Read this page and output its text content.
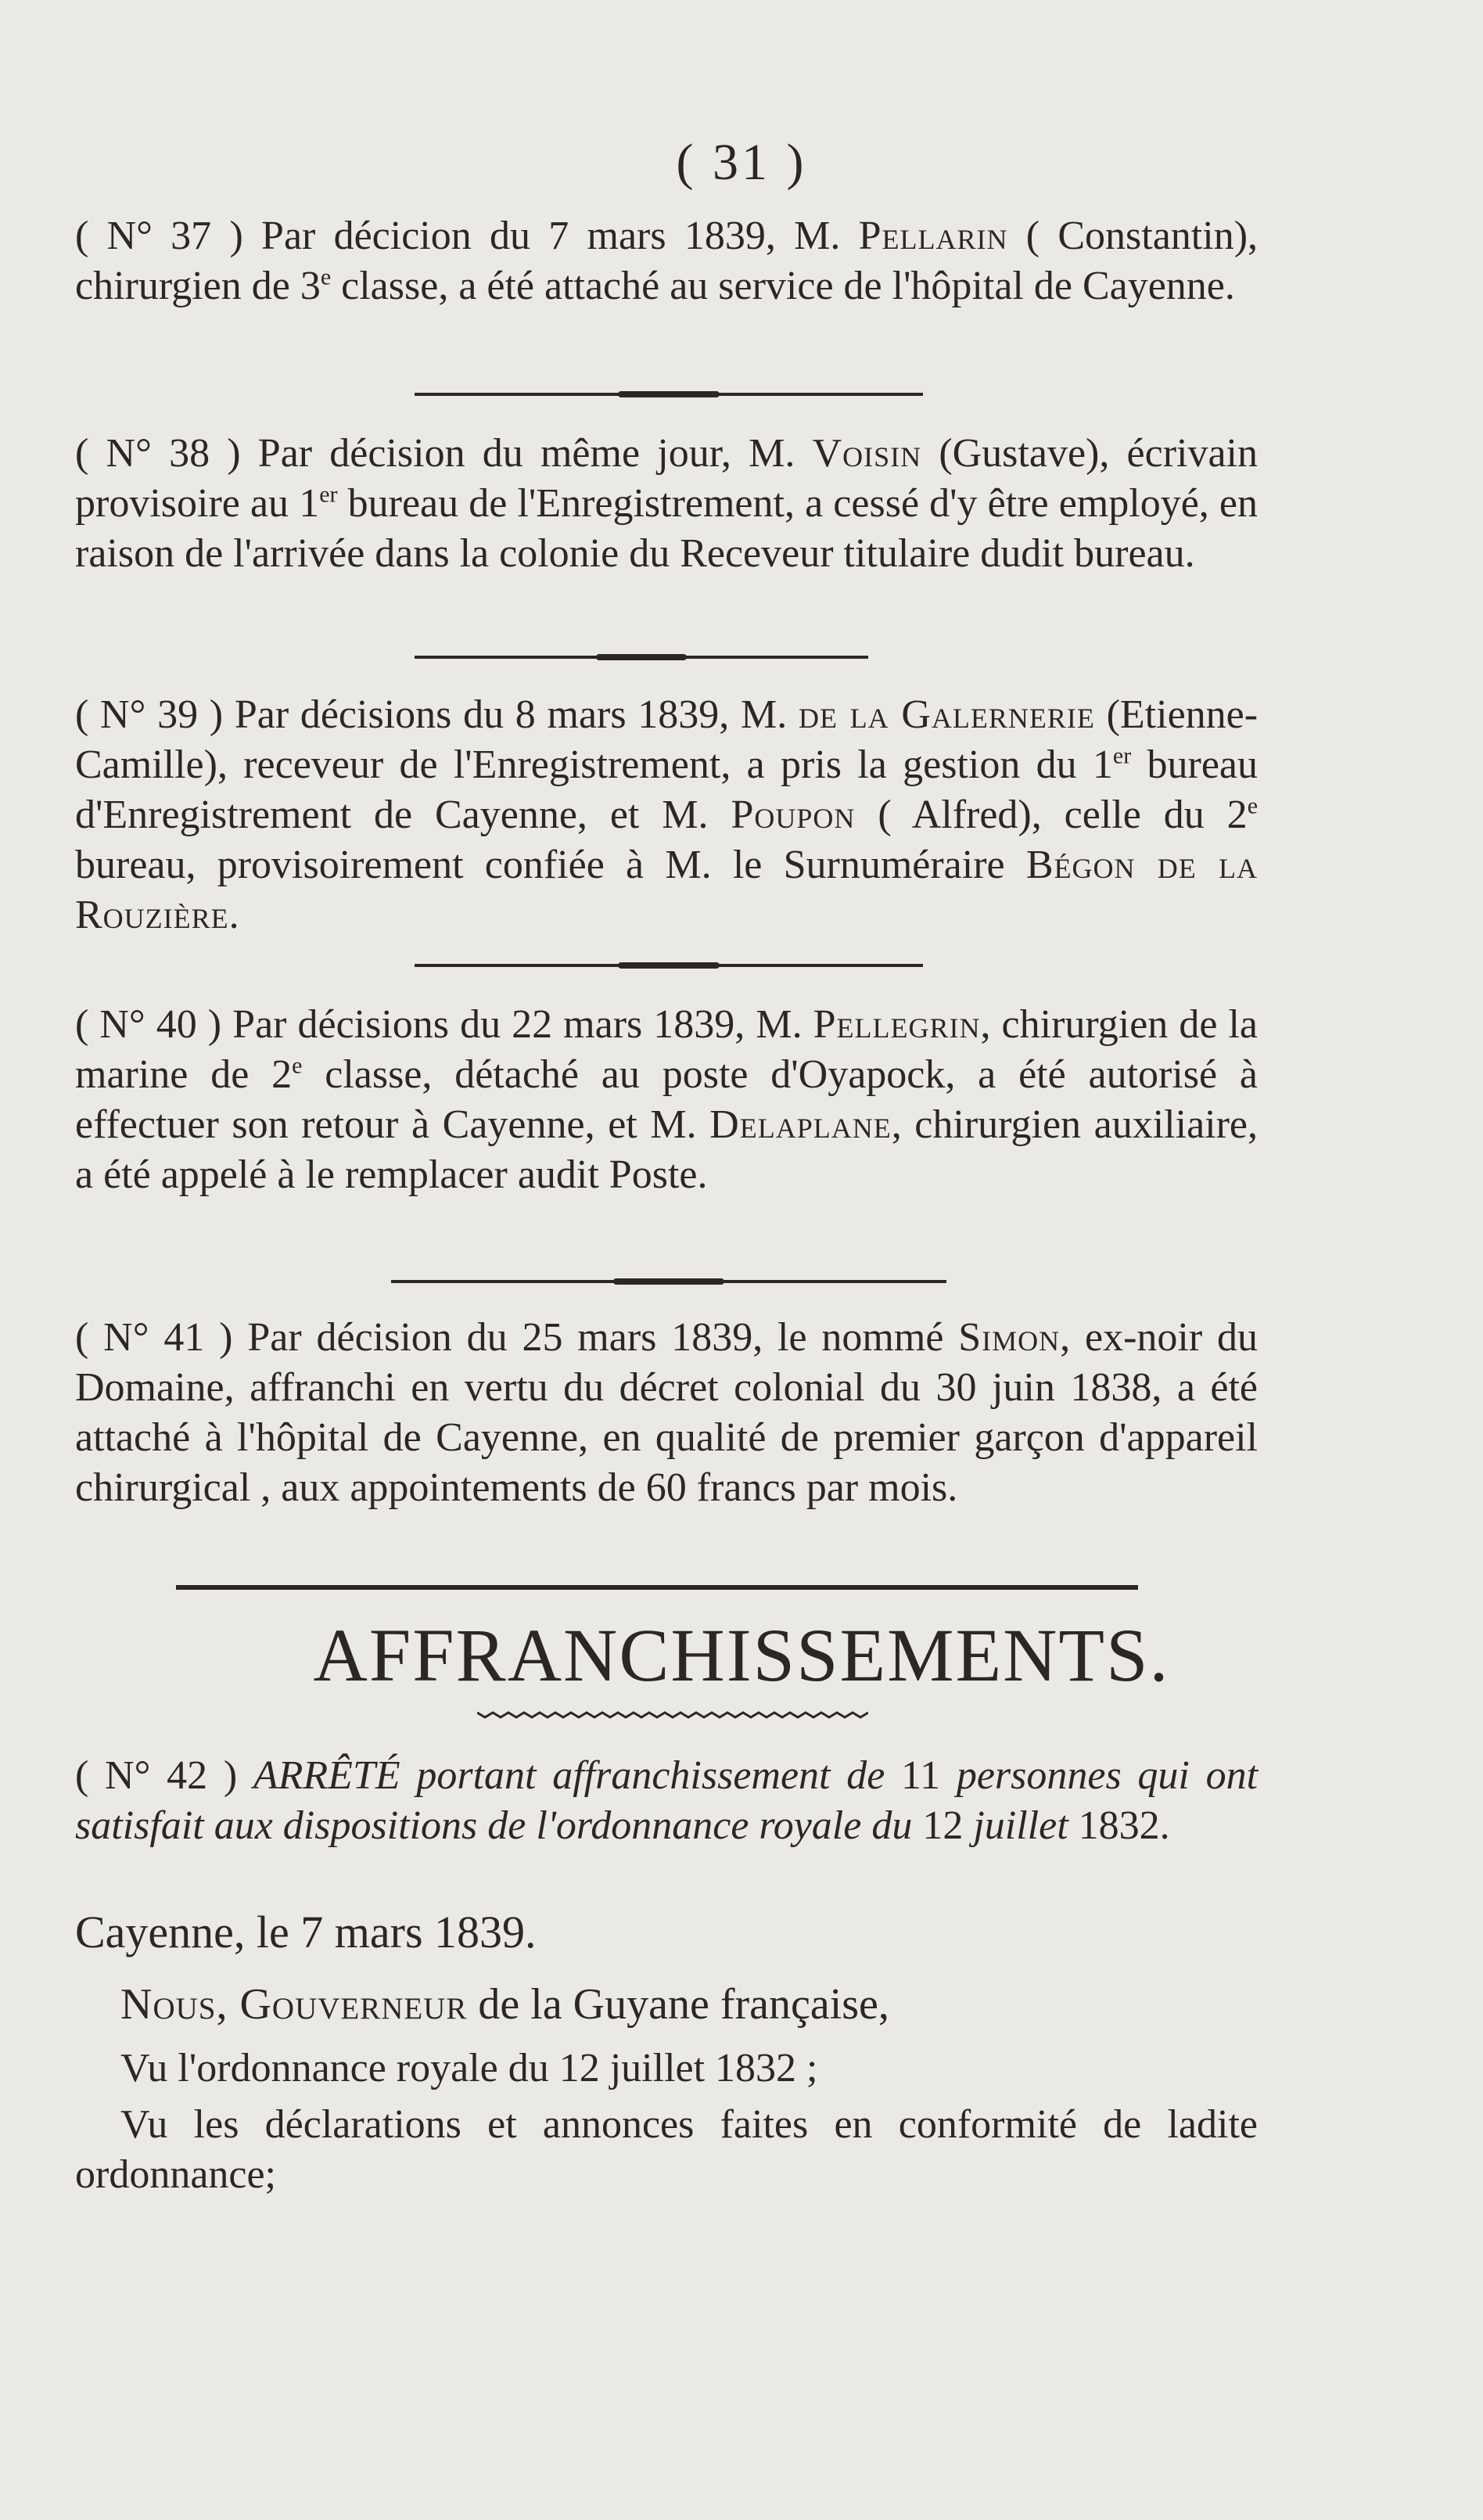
( 31 )

( N° 37 ) Par décicion du 7 mars 1839, M. Pellarin ( Constantin), chirurgien de 3e classe, a été attaché au service de l'hôpital de Cayenne.

( N° 38 ) Par décision du même jour, M. Voisin (Gustave), écrivain provisoire au 1er bureau de l'Enregistrement, a cessé d'y être employé, en raison de l'arrivée dans la colonie du Receveur titulaire dudit bureau.

( N° 39 ) Par décisions du 8 mars 1839, M. de la Galernerie (Etienne-Camille), receveur de l'Enregistrement, a pris la gestion du 1er bureau d'Enregistrement de Cayenne, et M. Poupon ( Alfred), celle du 2e bureau, provisoirement confiée à M. le Surnuméraire Bégon de la Rouzière.

( N° 40 ) Par décisions du 22 mars 1839, M. Pellegrin, chirurgien de la marine de 2e classe, détaché au poste d'Oyapock, a été autorisé à effectuer son retour à Cayenne, et M. Delaplane, chirurgien auxiliaire, a été appelé à le remplacer audit Poste.

( N° 41 ) Par décision du 25 mars 1839, le nommé Simon, ex-noir du Domaine, affranchi en vertu du décret colonial du 30 juin 1838, a été attaché à l'hôpital de Cayenne, en qualité de premier garçon d'appareil chirurgical , aux appointements de 60 francs par mois.

AFFRANCHISSEMENTS.

( N° 42 ) ARRÊTÉ portant affranchissement de 11 personnes qui ont satisfait aux dispositions de l'ordonnance royale du 12 juillet 1832.

Cayenne, le 7 mars 1839.
Nous, Gouverneur de la Guyane française,
Vu l'ordonnance royale du 12 juillet 1832 ;

Vu les déclarations et annonces faites en conformité de ladite ordonnance;
